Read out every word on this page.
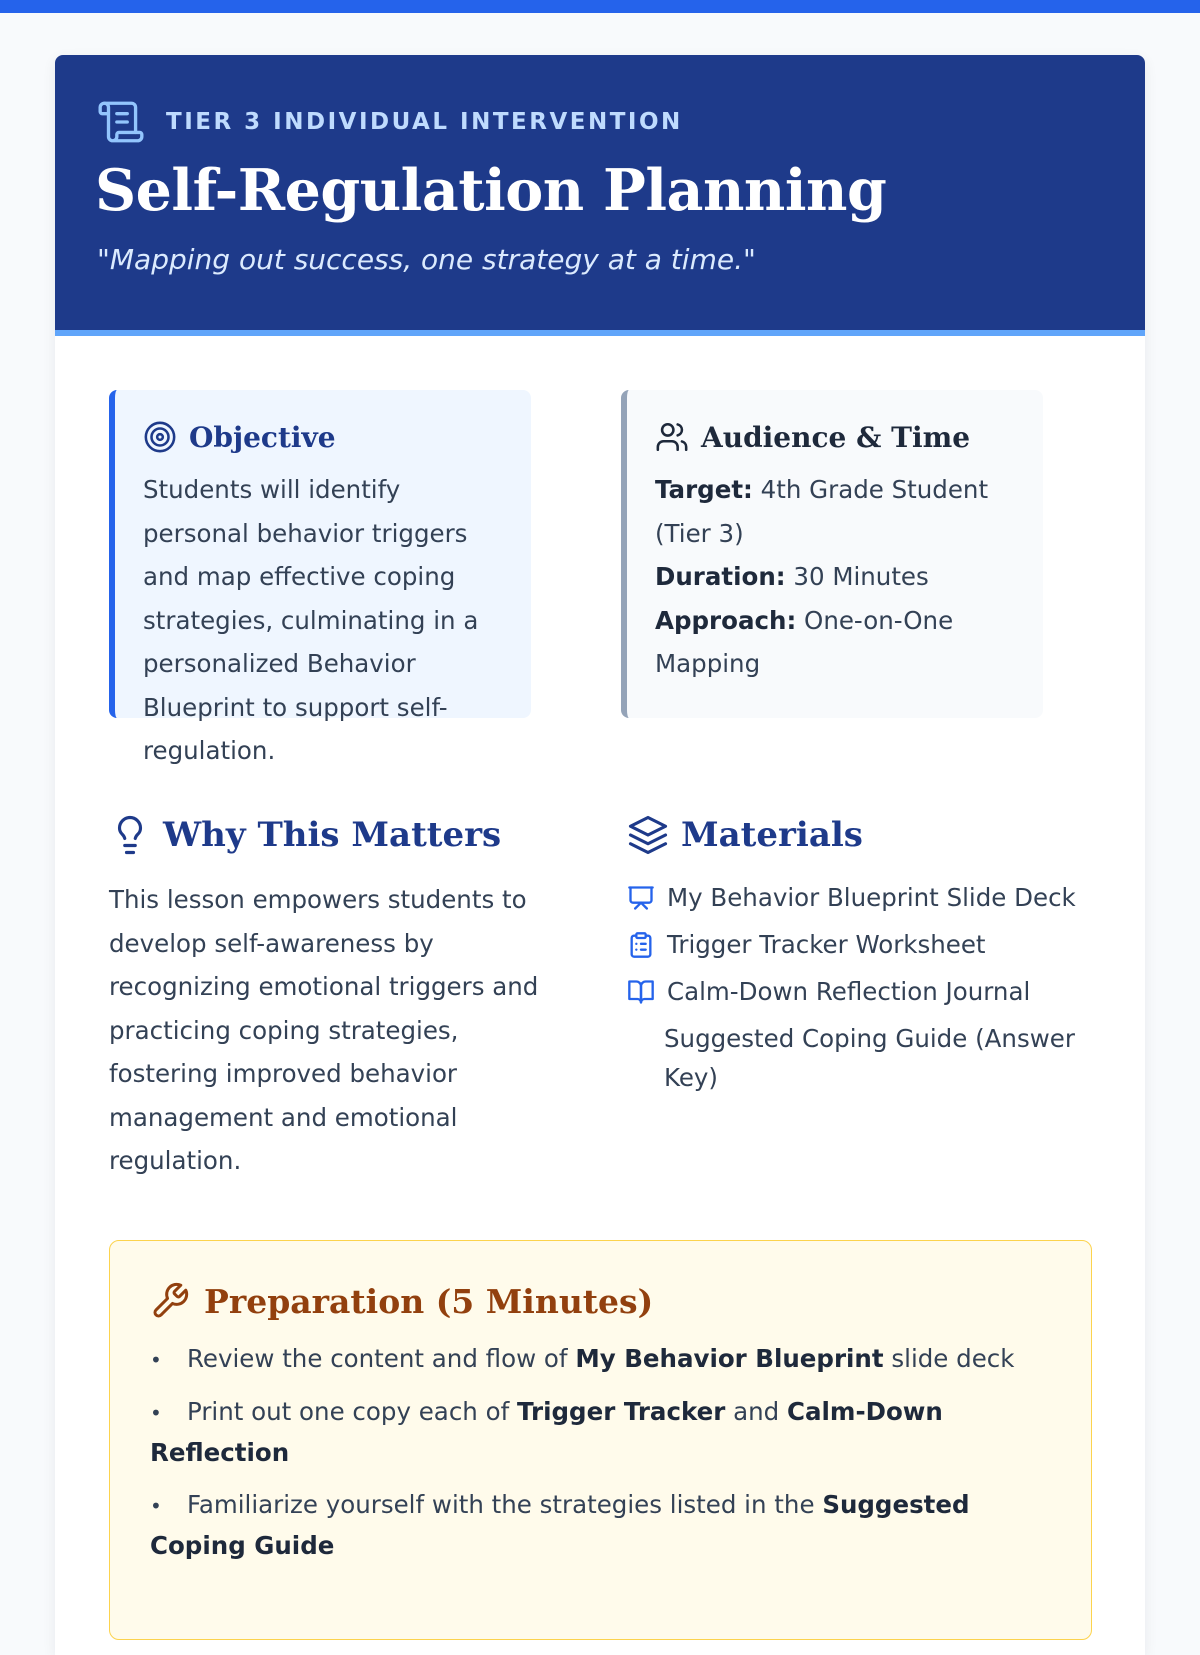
TIER 3 INDIVIDUAL INTERVENTION
Self-Regulation Planning

"Mapping out success, one strategy at a time."

Objective

Students will identify personal behavior triggers and map effective coping strategies, culminating in a personalized Behavior Blueprint to support self-regulation.

Audience & Time

Target: 4th Grade Student (Tier 3)
Duration: 30 Minutes
Approach: One-on-One Mapping

Why This Matters

This lesson empowers students to develop self-awareness by recognizing emotional triggers and practicing coping strategies, fostering improved behavior management and emotional regulation.

Materials
My Behavior Blueprint Slide Deck
Trigger Tracker Worksheet
Calm-Down Reflection Journal
Suggested Coping Guide (Answer Key)
Preparation (5 Minutes)
• Review the content and flow of My Behavior Blueprint slide deck
• Print out one copy each of Trigger Tracker and Calm-Down Reflection
• Familiarize yourself with the strategies listed in the Suggested Coping Guide
